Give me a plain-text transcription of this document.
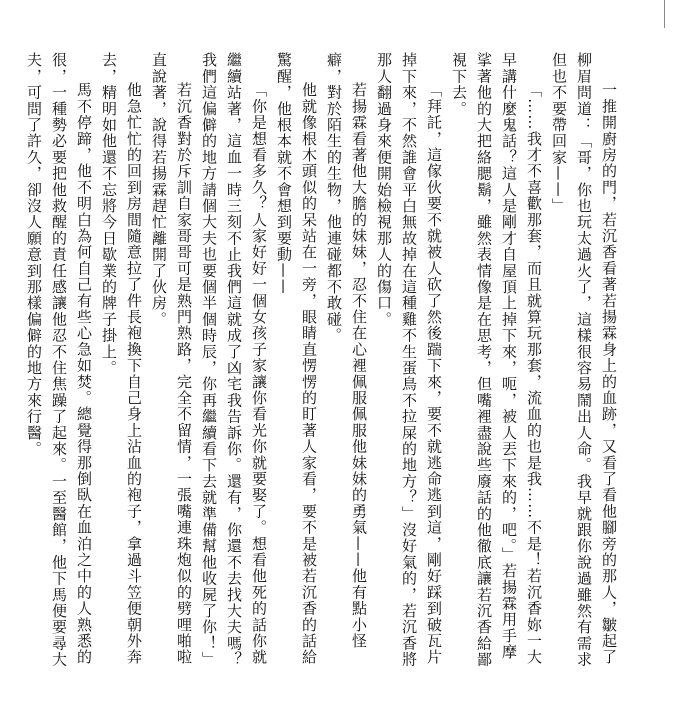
一推開廚房的門，若沉香看著若揚霖身上的血跡，又看了看他腳旁的那人，皺起了柳眉問道：「哥，你也玩太過火了，這樣很容易鬧出人命。我早就跟你說過雖然有需求但也不要帶回家——」

「……我才不喜歡那套，而且就算玩那套，流血的也是我……不是！若沉香妳一大早講什麼鬼話？這人是剛才自屋頂上掉下來，呃，被人丟下來的，吧。」若揚霖用手摩挲著他的大把絡腮鬍，雖然表情像是在思考，但嘴裡盡說些廢話的他徹底讓若沉香給鄙視下去。

「拜託，這傢伙要不就被人砍了然後踹下來，要不就逃命逃到這，剛好踩到破瓦片掉下來，不然誰會平白無故掉在這種雞不生蛋鳥不拉屎的地方？」沒好氣的，若沉香將那人翻過身來便開始檢視那人的傷口。

若揚霖看著他大膽的妹妹，忍不住在心裡佩服佩服他妹妹的勇氣——他有點小怪癖，對於陌生的生物，他連碰都不敢碰。

他就像根木頭似的呆站在一旁，眼睛直愣愣的盯著人家看，要不是被若沉香的話給驚醒，他根本就不會想到要動——

「你是想看多久？人家好好一個女孩子家讓你看光你就要娶了。想看他死的話你就繼續站著，這血一時三刻不止我們這就成了凶宅我告訴你。還有，你還不去找大夫嗎？我們這偏僻的地方請個大夫也要個半個時辰，你再繼續看下去就準備幫他收屍了你！」

若沉香對於斥訓自家哥哥可是熟門熟路，完全不留情，一張嘴連珠炮似的劈哩啪啦直說著，說得若揚霖趕忙離開了伙房。

他急忙忙的回到房間隨意拉了件長袍換下自己身上沾血的袍子，拿過斗笠便朝外奔去，精明如他還不忘將今日歇業的牌子掛上。

馬不停蹄，他不明白為何自己有些心急如焚。總覺得那倒臥在血泊之中的人熟悉的很，一種勢必要把他救醒的責任感讓他忍不住焦躁了起來。一至醫館，他下馬便要尋大夫，可問了許久，卻沒人願意到那樣偏僻的地方來行醫。
